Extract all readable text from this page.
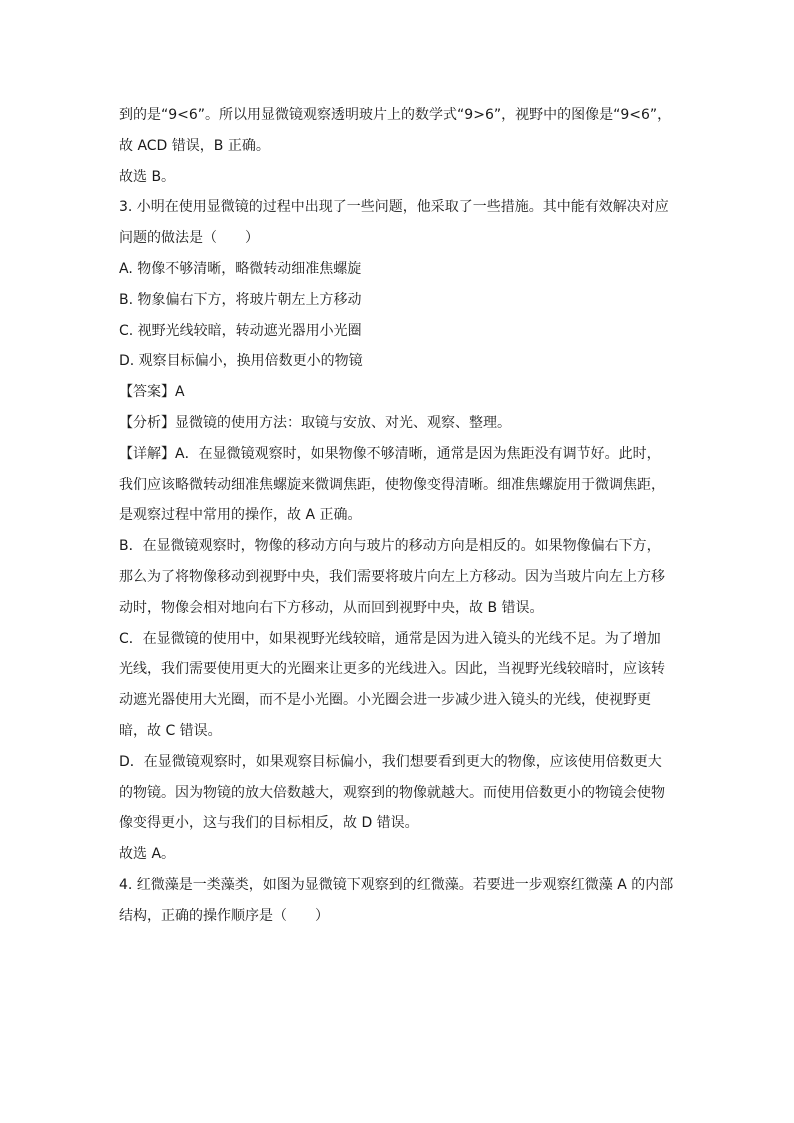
到的是“9<6”。所以用显微镜观察透明玻片上的数学式“9>6”，视野中的图像是“9<6”，
故 ACD 错误，B 正确。
故选 B。
3. 小明在使用显微镜的过程中出现了一些问题，他采取了一些措施。其中能有效解决对应
问题的做法是（　　）
A. 物像不够清晰，略微转动细准焦螺旋
B. 物象偏右下方，将玻片朝左上方移动
C. 视野光线较暗，转动遮光器用小光圈
D. 观察目标偏小，换用倍数更小的物镜
【答案】A
【分析】显微镜的使用方法：取镜与安放、对光、观察、整理。
【详解】A．在显微镜观察时，如果物像不够清晰，通常是因为焦距没有调节好。此时，
我们应该略微转动细准焦螺旋来微调焦距，使物像变得清晰。细准焦螺旋用于微调焦距，
是观察过程中常用的操作，故 A 正确。
B．在显微镜观察时，物像的移动方向与玻片的移动方向是相反的。如果物像偏右下方，
那么为了将物像移动到视野中央，我们需要将玻片向左上方移动。因为当玻片向左上方移
动时，物像会相对地向右下方移动，从而回到视野中央，故 B 错误。
C．在显微镜的使用中，如果视野光线较暗，通常是因为进入镜头的光线不足。为了增加
光线，我们需要使用更大的光圈来让更多的光线进入。因此，当视野光线较暗时，应该转
动遮光器使用大光圈，而不是小光圈。小光圈会进一步减少进入镜头的光线，使视野更
暗，故 C 错误。
D．在显微镜观察时，如果观察目标偏小，我们想要看到更大的物像，应该使用倍数更大
的物镜。因为物镜的放大倍数越大，观察到的物像就越大。而使用倍数更小的物镜会使物
像变得更小，这与我们的目标相反，故 D 错误。
故选 A。
4. 红微藻是一类藻类，如图为显微镜下观察到的红微藻。若要进一步观察红微藻 A 的内部
结构，正确的操作顺序是（　　）
